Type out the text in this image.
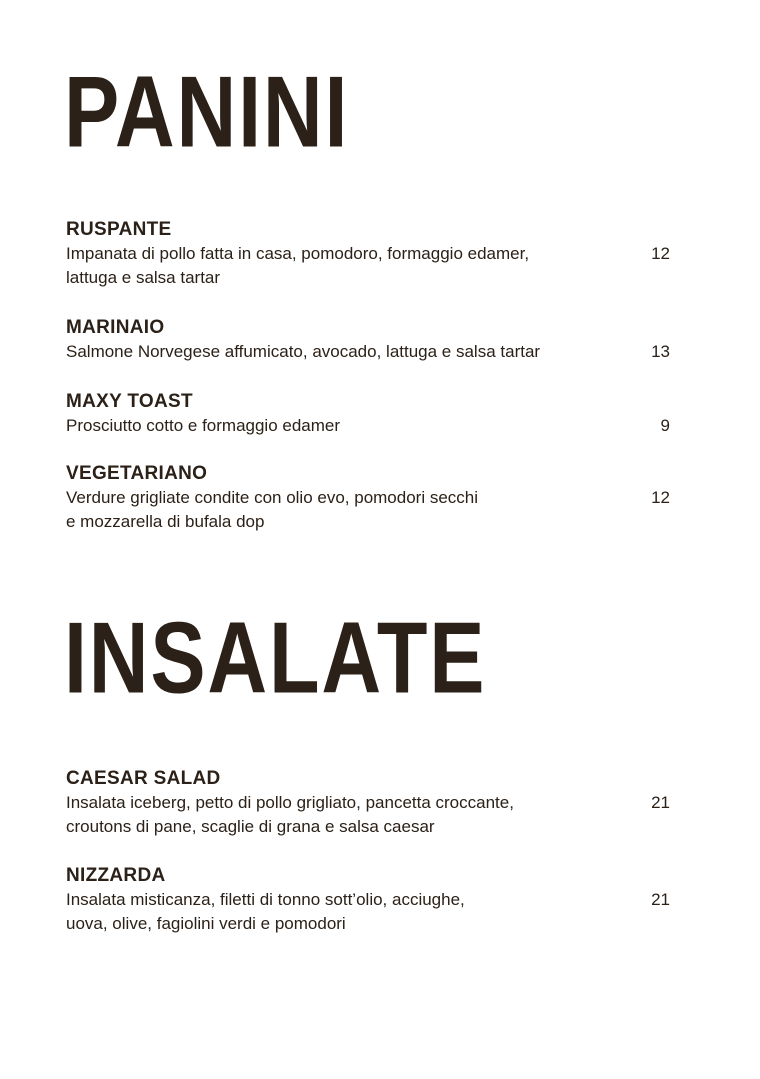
PANINI
RUSPANTE
Impanata di pollo fatta in casa, pomodoro, formaggio edamer,
lattuga e salsa tartar
12
MARINAIO
Salmone Norvegese affumicato, avocado, lattuga e salsa tartar	13
MAXY TOAST
Prosciutto cotto e formaggio edamer	9
VEGETARIANO
Verdure grigliate condite con olio evo, pomodori secchi
e mozzarella di bufala dop
12
INSALATE
CAESAR SALAD
Insalata iceberg, petto di pollo grigliato, pancetta croccante,
croutons di pane, scaglie di grana e salsa caesar
21
NIZZARDA
Insalata misticanza, filetti di tonno sott’olio, acciughe,
uova, olive, fagiolini verdi e pomodori
21
